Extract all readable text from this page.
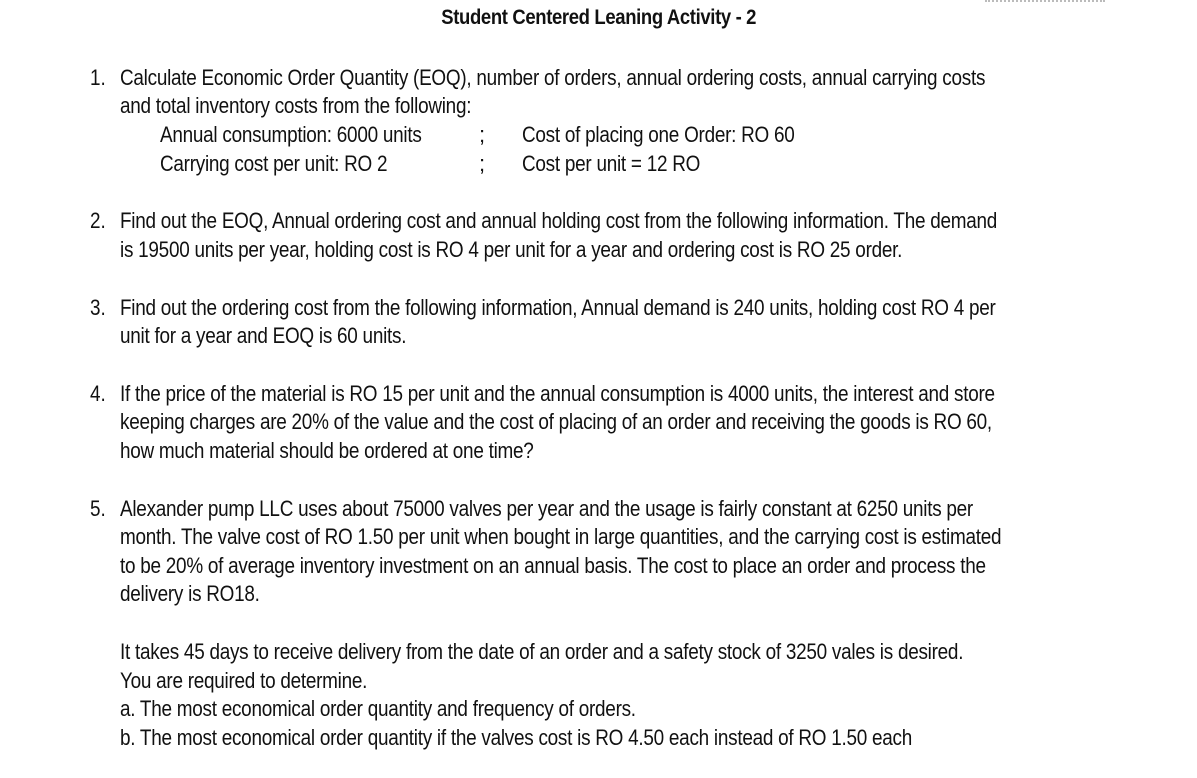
Student Centered Leaning Activity - 2
1. Calculate Economic Order Quantity (EOQ), number of orders, annual ordering costs, annual carrying costs
and total inventory costs from the following:
Annual consumption: 6000 units	; Cost of placing one Order: RO 60
Carrying cost per unit: RO 2	; Cost per unit = 12 RO
2. Find out the EOQ, Annual ordering cost and annual holding cost from the following information. The demand
is 19500 units per year, holding cost is RO 4 per unit for a year and ordering cost is RO 25 order.
3. Find out the ordering cost from the following information, Annual demand is 240 units, holding cost RO 4 per
unit for a year and EOQ is 60 units.
4. If the price of the material is RO 15 per unit and the annual consumption is 4000 units, the interest and store
keeping charges are 20% of the value and the cost of placing of an order and receiving the goods is RO 60,
how much material should be ordered at one time?
5. Alexander pump LLC uses about 75000 valves per year and the usage is fairly constant at 6250 units per
month. The valve cost of RO 1.50 per unit when bought in large quantities, and the carrying cost is estimated
to be 20% of average inventory investment on an annual basis. The cost to place an order and process the
delivery is RO18.
It takes 45 days to receive delivery from the date of an order and a safety stock of 3250 vales is desired.
You are required to determine.
a. The most economical order quantity and frequency of orders.
b. The most economical order quantity if the valves cost is RO 4.50 each instead of RO 1.50 each
